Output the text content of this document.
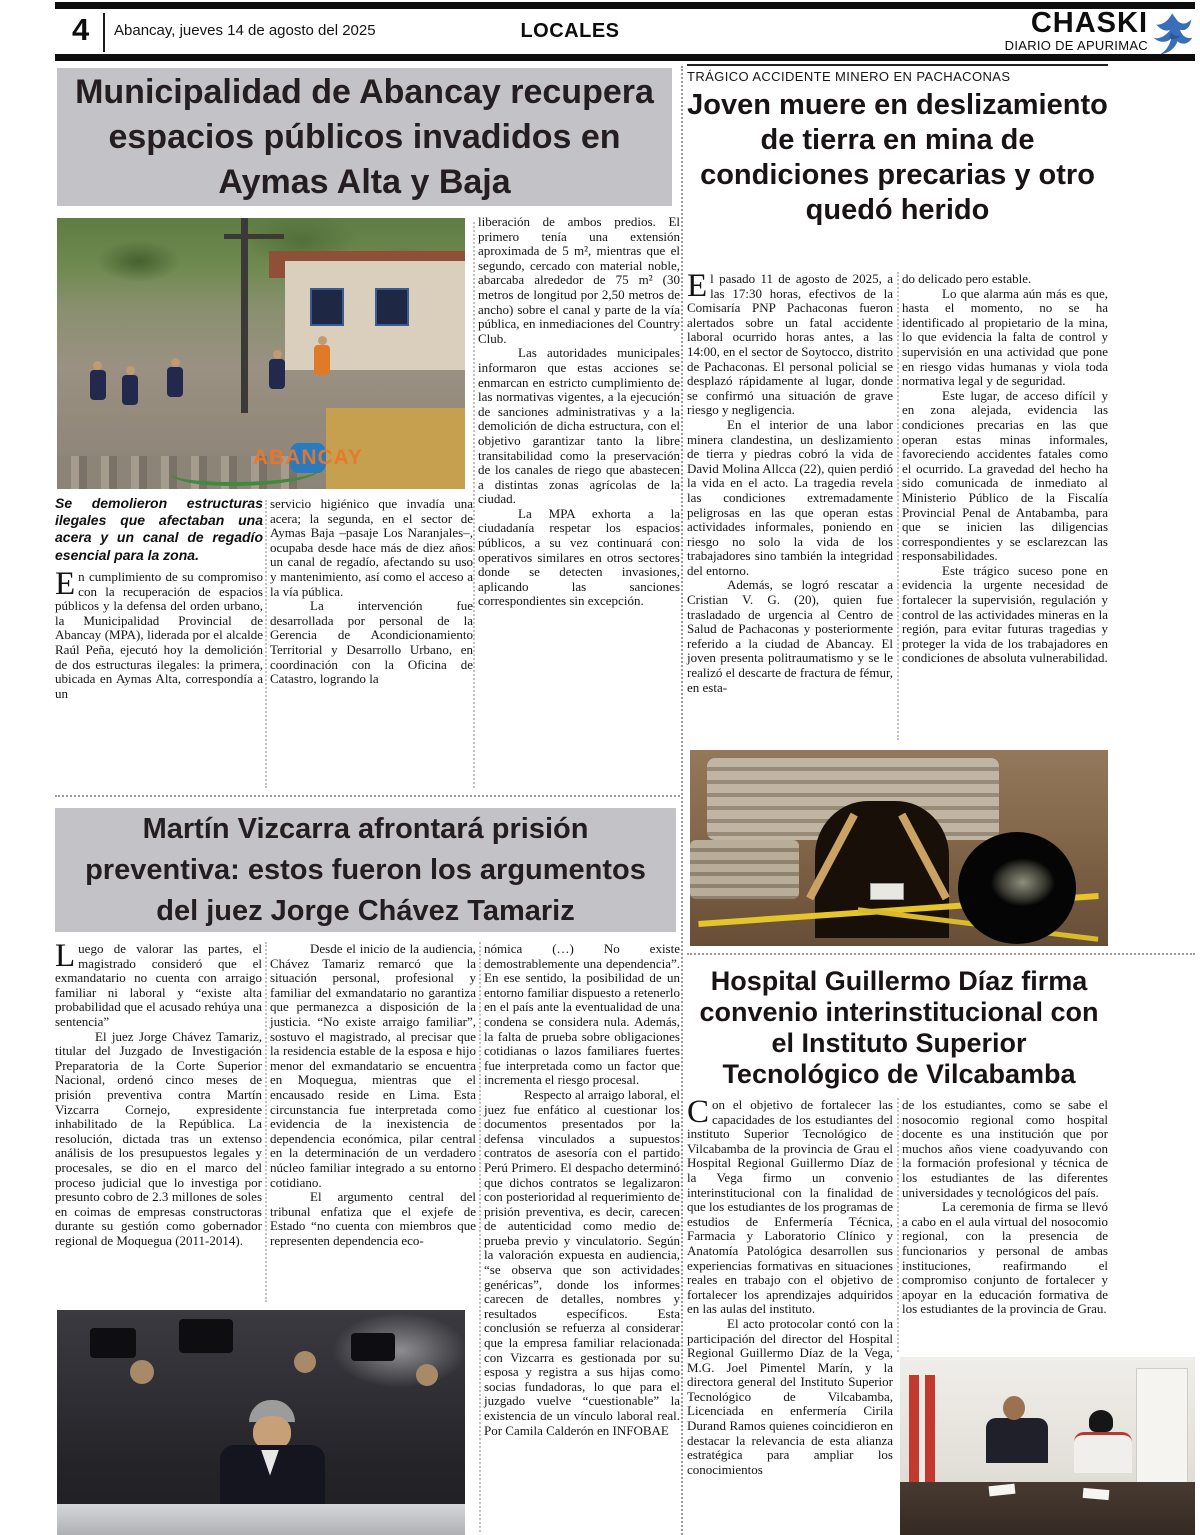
4 Abancay, jueves 14 de agosto del 2025	LOCALES	CHASKI
DIARIO DE APURIMAC
Municipalidad de Abancay recupera espacios públicos invadidos en Aymas Alta y Baja
ABANCAY
Se demolieron estructuras ilegales que afectaban una acera y un canal de regadío esencial para la zona.

En cumplimiento de su compromiso con la recuperación de espacios públicos y la defensa del orden urbano, la Municipalidad Provincial de Abancay (MPA), liderada por el alcalde Raúl Peña, ejecutó hoy la demolición de dos estructuras ilegales: la primera, ubicada en Aymas Alta, correspondía a un

servicio higiénico que invadía una acera; la segunda, en el sector de Aymas Baja –pasaje Los Naranjales–, ocupaba desde hace más de diez años un canal de regadío, afectando su uso y mantenimiento, así como el acceso a la vía pública.

La intervención fue desarrollada por personal de la Gerencia de Acondicionamiento Territorial y Desarrollo Urbano, en coordinación con la Oficina de Catastro, logrando la

liberación de ambos predios. El primero tenía una extensión aproximada de 5 m², mientras que el segundo, cercado con material noble, abarcaba alrededor de 75 m² (30 metros de longitud por 2,50 metros de ancho) sobre el canal y parte de la vía pública, en inmediaciones del Country Club.

Las autoridades municipales informaron que estas acciones se enmarcan en estricto cumplimiento de las normativas vigentes, a la ejecución de sanciones administrativas y a la demolición de dicha estructura, con el objetivo garantizar tanto la libre transitabilidad como la preservación de los canales de riego que abastecen a distintas zonas agrícolas de la ciudad.

La MPA exhorta a la ciudadanía respetar los espacios públicos, a su vez continuará con operativos similares en otros sectores donde se detecten invasiones, aplicando las sanciones correspondientes sin excepción.

TRÁGICO ACCIDENTE MINERO EN PACHACONAS
Joven muere en deslizamiento de tierra en mina de condiciones precarias y otro quedó herido

El pasado 11 de agosto de 2025, a las 17:30 horas, efectivos de la Comisaría PNP Pachaconas fueron alertados sobre un fatal accidente laboral ocurrido horas antes, a las 14:00, en el sector de Soytocco, distrito de Pachaconas. El personal policial se desplazó rápidamente al lugar, donde se confirmó una situación de grave riesgo y negligencia.

En el interior de una labor minera clandestina, un deslizamiento de tierra y piedras cobró la vida de David Molina Allcca (22), quien perdió la vida en el acto. La tragedia revela las condiciones extremadamente peligrosas en las que operan estas actividades informales, poniendo en riesgo no solo la vida de los trabajadores sino también la integridad del entorno.

Además, se logró rescatar a Cristian V. G. (20), quien fue trasladado de urgencia al Centro de Salud de Pachaconas y posteriormente referido a la ciudad de Abancay. El joven presenta politraumatismo y se le realizó el descarte de fractura de fémur, en esta-

do delicado pero estable.

Lo que alarma aún más es que, hasta el momento, no se ha identificado al propietario de la mina, lo que evidencia la falta de control y supervisión en una actividad que pone en riesgo vidas humanas y viola toda normativa legal y de seguridad.

Este lugar, de acceso difícil y en zona alejada, evidencia las condiciones precarias en las que operan estas minas informales, favoreciendo accidentes fatales como el ocurrido. La gravedad del hecho ha sido comunicada de inmediato al Ministerio Público de la Fiscalía Provincial Penal de Antabamba, para que se inicien las diligencias correspondientes y se esclarezcan las responsabilidades.

Este trágico suceso pone en evidencia la urgente necesidad de fortalecer la supervisión, regulación y control de las actividades mineras en la región, para evitar futuras tragedias y proteger la vida de los trabajadores en condiciones de absoluta vulnerabilidad.

Martín Vizcarra afrontará prisión preventiva: estos fueron los argumentos del juez Jorge Chávez Tamariz

Luego de valorar las partes, el magistrado consideró que el exmandatario no cuenta con arraigo familiar ni laboral y “existe alta probabilidad que el acusado rehúya una sentencia”

El juez Jorge Chávez Tamariz, titular del Juzgado de Investigación Preparatoria de la Corte Superior Nacional, ordenó cinco meses de prisión preventiva contra Martín Vizcarra Cornejo, expresidente inhabilitado de la República. La resolución, dictada tras un extenso análisis de los presupuestos legales y procesales, se dio en el marco del proceso judicial que lo investiga por presunto cobro de 2.3 millones de soles en coimas de empresas constructoras durante su gestión como gobernador regional de Moquegua (2011-2014).

Desde el inicio de la audiencia, Chávez Tamariz remarcó que la situación personal, profesional y familiar del exmandatario no garantiza que permanezca a disposición de la justicia. “No existe arraigo familiar”, sostuvo el magistrado, al precisar que la residencia estable de la esposa e hijo menor del exmandatario se encuentra en Moquegua, mientras que el encausado reside en Lima. Esta circunstancia fue interpretada como evidencia de la inexistencia de dependencia económica, pilar central en la determinación de un verdadero núcleo familiar integrado a su entorno cotidiano.

El argumento central del tribunal enfatiza que el exjefe de Estado “no cuenta con miembros que representen dependencia eco-

nómica (…) No existe demostrablemente una dependencia”. En ese sentido, la posibilidad de un entorno familiar dispuesto a retenerlo en el país ante la eventualidad de una condena se considera nula. Además, la falta de prueba sobre obligaciones cotidianas o lazos familiares fuertes fue interpretada como un factor que incrementa el riesgo procesal.

Respecto al arraigo laboral, el juez fue enfático al cuestionar los documentos presentados por la defensa vinculados a supuestos contratos de asesoría con el partido Perú Primero. El despacho determinó que dichos contratos se legalizaron con posterioridad al requerimiento de prisión preventiva, es decir, carecen de autenticidad como medio de prueba previo y vinculatorio. Según la valoración expuesta en audiencia, “se observa que son actividades genéricas”, donde los informes carecen de detalles, nombres y resultados específicos. Esta conclusión se refuerza al considerar que la empresa familiar relacionada con Vizcarra es gestionada por su esposa y registra a sus hijas como socias fundadoras, lo que para el juzgado vuelve “cuestionable” la existencia de un vínculo laboral real. Por Camila Calderón en INFOBAE

Hospital Guillermo Díaz firma convenio interinstitucional con el Instituto Superior Tecnológico de Vilcabamba

Con el objetivo de fortalecer las capacidades de los estudiantes del instituto Superior Tecnológico de Vilcabamba de la provincia de Grau el Hospital Regional Guillermo Díaz de la Vega firmo un convenio interinstitucional con la finalidad de que los estudiantes de los programas de estudios de Enfermería Técnica, Farmacia y Laboratorio Clínico y Anatomía Patológica desarrollen sus experiencias formativas en situaciones reales en trabajo con el objetivo de fortalecer los aprendizajes adquiridos en las aulas del instituto.

El acto protocolar contó con la participación del director del Hospital Regional Guillermo Díaz de la Vega, M.G. Joel Pimentel Marín, y la directora general del Instituto Superior Tecnológico de Vilcabamba, Licenciada en enfermería Cirila Durand Ramos quienes coincidieron en destacar la relevancia de esta alianza estratégica para ampliar los conocimientos

de los estudiantes, como se sabe el nosocomio regional como hospital docente es una institución que por muchos años viene coadyuvando con la formación profesional y técnica de los estudiantes de las diferentes universidades y tecnológicos del país.

La ceremonia de firma se llevó a cabo en el aula virtual del nosocomio regional, con la presencia de funcionarios y personal de ambas instituciones, reafirmando el compromiso conjunto de fortalecer y apoyar en la educación formativa de los estudiantes de la provincia de Grau.
